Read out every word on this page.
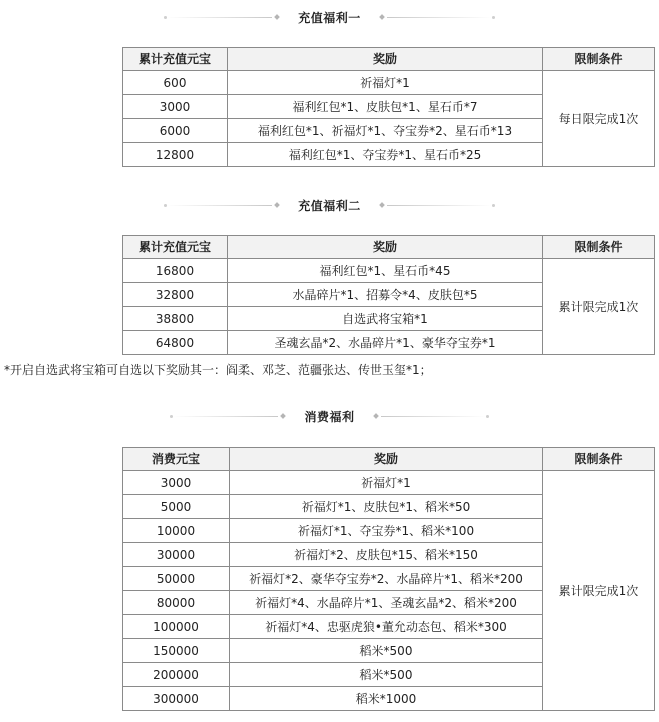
充值福利一
累计充值元宝	奖励	限制条件
600	祈福灯*1	每日限完成1次
3000	福利红包*1、皮肤包*1、星石币*7	
6000	福利红包*1、祈福灯*1、夺宝券*2、星石币*13	
12800	福利红包*1、夺宝券*1、星石币*25	
充值福利二
累计充值元宝	奖励	限制条件
16800	福利红包*1、星石币*45	累计限完成1次
32800	水晶碎片*1、招募令*4、皮肤包*5	
38800	自选武将宝箱*1	
64800	圣魂玄晶*2、水晶碎片*1、豪华夺宝券*1	
*开启自选武将宝箱可自选以下奖励其一：阎柔、邓芝、范疆张达、传世玉玺*1；
消费福利
消费元宝	奖励	限制条件
3000	祈福灯*1	累计限完成1次
5000	祈福灯*1、皮肤包*1、稻米*50	
10000	祈福灯*1、夺宝券*1、稻米*100	
30000	祈福灯*2、皮肤包*15、稻米*150	
50000	祈福灯*2、豪华夺宝券*2、水晶碎片*1、稻米*200	
80000	祈福灯*4、水晶碎片*1、圣魂玄晶*2、稻米*200	
100000	祈福灯*4、忠驱虎狼•董允动态包、稻米*300	
150000	稻米*500	
200000	稻米*500	
300000	稻米*1000	
